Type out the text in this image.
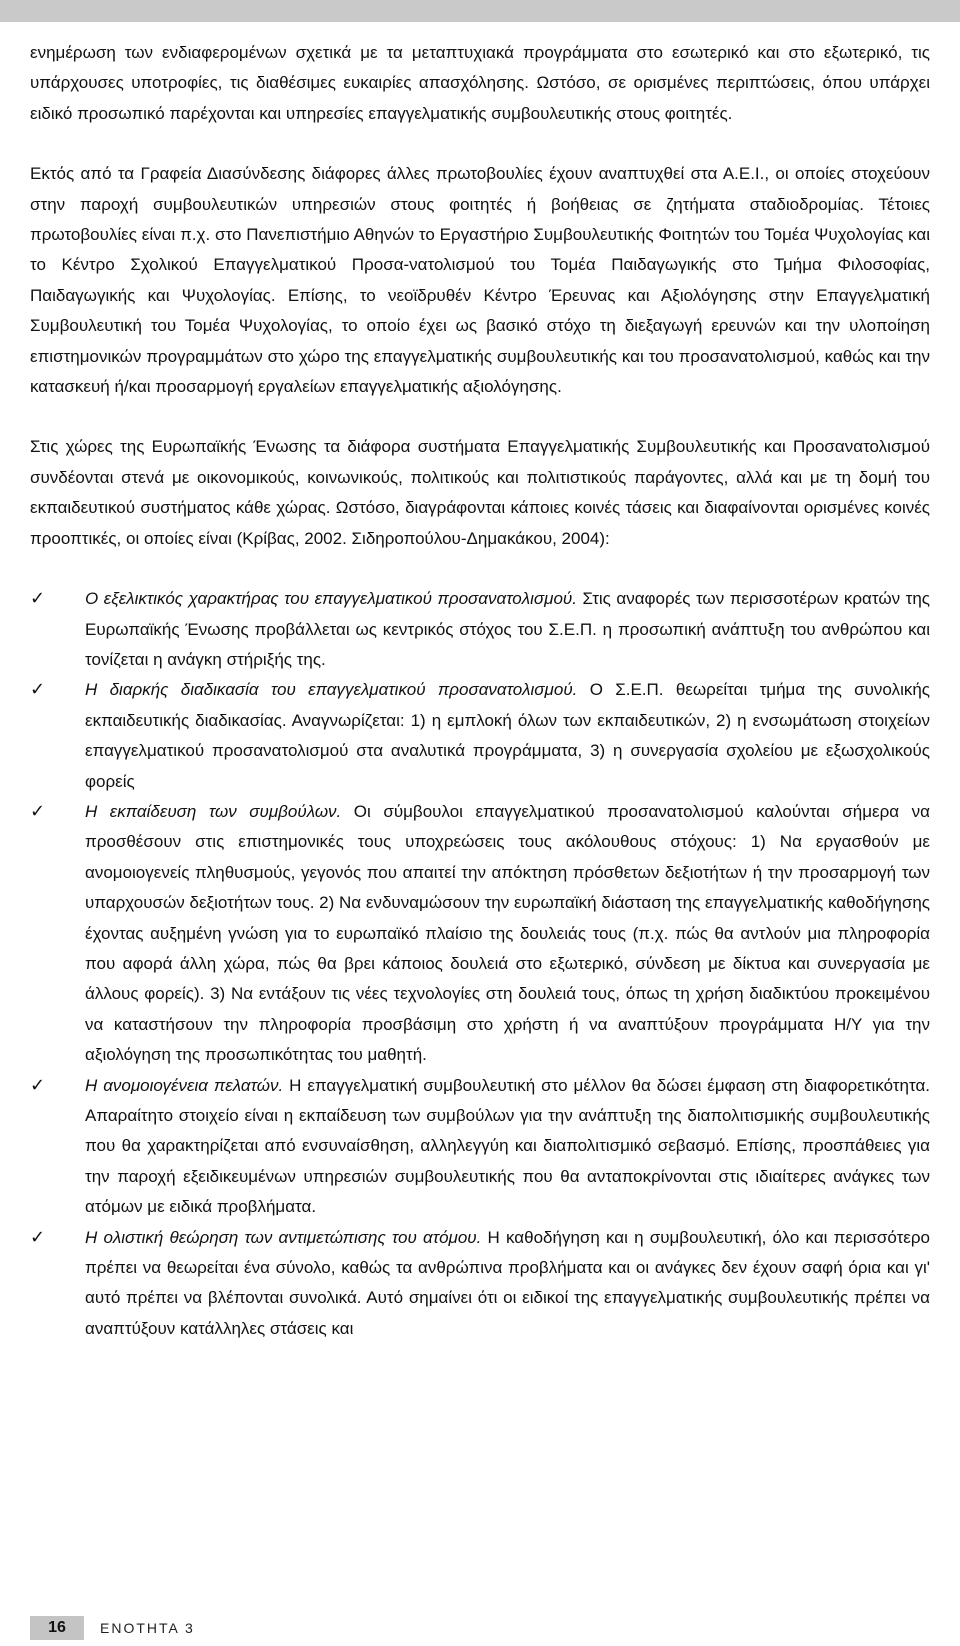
ενημέρωση των ενδιαφερομένων σχετικά με τα μεταπτυχιακά προγράμματα στο εσωτερικό και στο εξωτερικό, τις υπάρχουσες υποτροφίες, τις διαθέσιμες ευκαιρίες απασχόλησης. Ωστόσο, σε ορισμένες περιπτώσεις, όπου υπάρχει ειδικό προσωπικό παρέχονται και υπηρεσίες επαγγελματικής συμβουλευτικής στους φοιτητές.

Εκτός από τα Γραφεία Διασύνδεσης διάφορες άλλες πρωτοβουλίες έχουν αναπτυχθεί στα Α.Ε.Ι., οι οποίες στοχεύουν στην παροχή συμβουλευτικών υπηρεσιών στους φοιτητές ή βοήθειας σε ζητήματα σταδιοδρομίας. Τέτοιες πρωτοβουλίες είναι π.χ. στο Πανεπιστήμιο Αθηνών το Εργαστήριο Συμβουλευτικής Φοιτητών του Τομέα Ψυχολογίας και το Κέντρο Σχολικού Επαγγελματικού Προσα-νατολισμού του Τομέα Παιδαγωγικής στο Τμήμα Φιλοσοφίας, Παιδαγωγικής και Ψυχολογίας. Επίσης, το νεοϊδρυθέν Κέντρο Έρευνας και Αξιολόγησης στην Επαγγελματική Συμβουλευτική του Τομέα Ψυχολογίας, το οποίο έχει ως βασικό στόχο τη διεξαγωγή ερευνών και την υλοποίηση επιστημονικών προγραμμάτων στο χώρο της επαγγελματικής συμβουλευτικής και του προσανατολισμού, καθώς και την κατασκευή ή/και προσαρμογή εργαλείων επαγγελματικής αξιολόγησης.

Στις χώρες της Ευρωπαϊκής Ένωσης τα διάφορα συστήματα Επαγγελματικής Συμβουλευτικής και Προσανατολισμού συνδέονται στενά με οικονομικούς, κοινωνικούς, πολιτικούς και πολιτιστικούς παράγοντες, αλλά και με τη δομή του εκπαιδευτικού συστήματος κάθε χώρας. Ωστόσο, διαγράφονται κάποιες κοινές τάσεις και διαφαίνονται ορισμένες κοινές προοπτικές, οι οποίες είναι (Κρίβας, 2002. Σιδηροπούλου-Δημακάκου, 2004):

✓ Ο εξελικτικός χαρακτήρας του επαγγελματικού προσανατολισμού. Στις αναφορές των περισσοτέρων κρατών της Ευρωπαϊκής Ένωσης προβάλλεται ως κεντρικός στόχος του Σ.Ε.Π. η προσωπική ανάπτυξη του ανθρώπου και τονίζεται η ανάγκη στήριξής της.
✓ Η διαρκής διαδικασία του επαγγελματικού προσανατολισμού. Ο Σ.Ε.Π. θεωρείται τμήμα της συνολικής εκπαιδευτικής διαδικασίας. Αναγνωρίζεται: 1) η εμπλοκή όλων των εκπαιδευτικών, 2) η ενσωμάτωση στοιχείων επαγγελματικού προσανατολισμού στα αναλυτικά προγράμματα, 3) η συνεργασία σχολείου με εξωσχολικούς φορείς
✓ Η εκπαίδευση των συμβούλων. Οι σύμβουλοι επαγγελματικού προσανατολισμού καλούνται σήμερα να προσθέσουν στις επιστημονικές τους υποχρεώσεις τους ακόλουθους στόχους: 1) Να εργασθούν με ανομοιογενείς πληθυσμούς, γεγονός που απαιτεί την απόκτηση πρόσθετων δεξιοτήτων ή την προσαρμογή των υπαρχουσών δεξιοτήτων τους. 2) Να ενδυναμώσουν την ευρωπαϊκή διάσταση της επαγγελματικής καθοδήγησης έχοντας αυξημένη γνώση για το ευρωπαϊκό πλαίσιο της δουλειάς τους (π.χ. πώς θα αντλούν μια πληροφορία που αφορά άλλη χώρα, πώς θα βρει κάποιος δουλειά στο εξωτερικό, σύνδεση με δίκτυα και συνεργασία με άλλους φορείς). 3) Να εντάξουν τις νέες τεχνολογίες στη δουλειά τους, όπως τη χρήση διαδικτύου προκειμένου να καταστήσουν την πληροφορία προσβάσιμη στο χρήστη ή να αναπτύξουν προγράμματα Η/Υ για την αξιολόγηση της προσωπικότητας του μαθητή.
✓ Η ανομοιογένεια πελατών. Η επαγγελματική συμβουλευτική στο μέλλον θα δώσει έμφαση στη διαφορετικότητα. Απαραίτητο στοιχείο είναι η εκπαίδευση των συμβούλων για την ανάπτυξη της διαπολιτισμικής συμβουλευτικής που θα χαρακτηρίζεται από ενσυναίσθηση, αλληλεγγύη και διαπολιτισμικό σεβασμό. Επίσης, προσπάθειες για την παροχή εξειδικευμένων υπηρεσιών συμβουλευτικής που θα ανταποκρίνονται στις ιδιαίτερες ανάγκες των ατόμων με ειδικά προβλήματα.
✓ Η ολιστική θεώρηση των αντιμετώπισης του ατόμου. Η καθοδήγηση και η συμβουλευτική, όλο και περισσότερο πρέπει να θεωρείται ένα σύνολο, καθώς τα ανθρώπινα προβλήματα και οι ανάγκες δεν έχουν σαφή όρια και γι' αυτό πρέπει να βλέπονται συνολικά. Αυτό σημαίνει ότι οι ειδικοί της επαγγελματικής συμβουλευτικής πρέπει να αναπτύξουν κατάλληλες στάσεις και
16	ΕΝΟΤΗΤΑ 3
